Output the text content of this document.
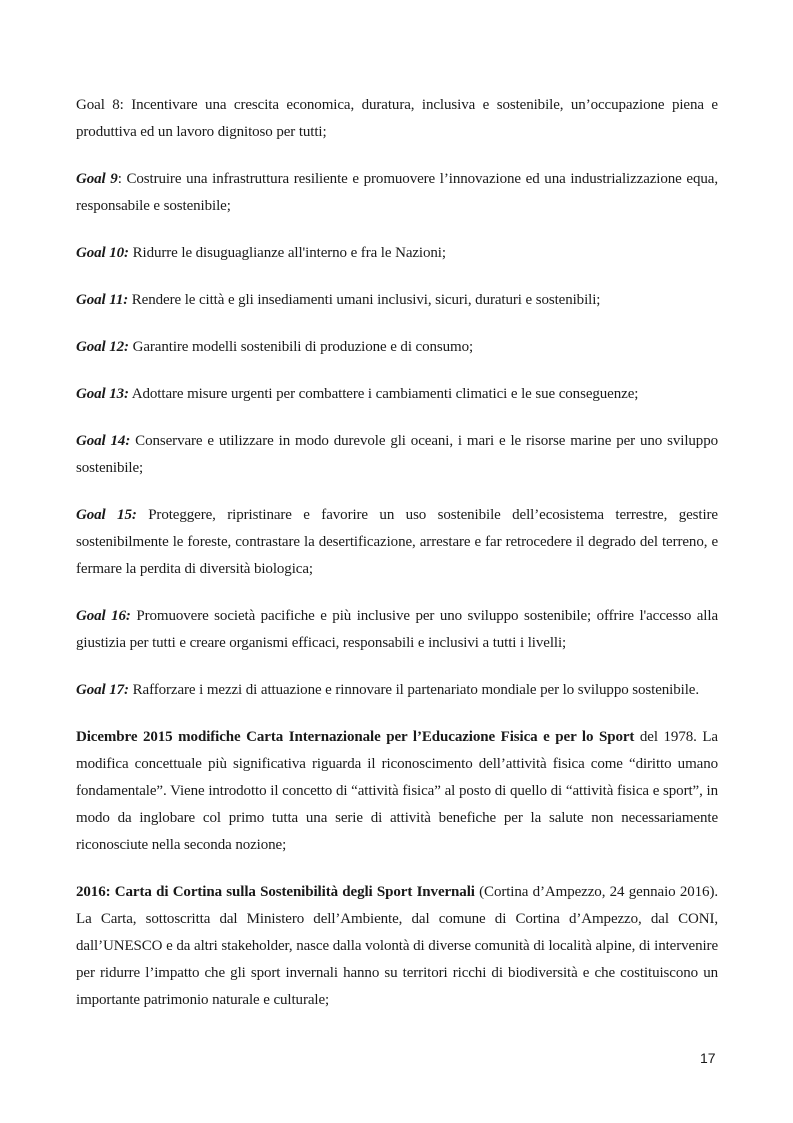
Goal 8: Incentivare una crescita economica, duratura, inclusiva e sostenibile, un’occupazione piena e produttiva ed un lavoro dignitoso per tutti;

Goal 9: Costruire una infrastruttura resiliente e promuovere l’innovazione ed una industrializzazione equa, responsabile e sostenibile;

Goal 10: Ridurre le disuguaglianze all'interno e fra le Nazioni;

Goal 11: Rendere le città e gli insediamenti umani inclusivi, sicuri, duraturi e sostenibili;

Goal 12: Garantire modelli sostenibili di produzione e di consumo;

Goal 13: Adottare misure urgenti per combattere i cambiamenti climatici e le sue conseguenze;

Goal 14: Conservare e utilizzare in modo durevole gli oceani, i mari e le risorse marine per uno sviluppo sostenibile;

Goal 15: Proteggere, ripristinare e favorire un uso sostenibile dell’ecosistema terrestre, gestire sostenibilmente le foreste, contrastare la desertificazione, arrestare e far retrocedere il degrado del terreno, e fermare la perdita di diversità biologica;

Goal 16: Promuovere società pacifiche e più inclusive per uno sviluppo sostenibile; offrire l'accesso alla giustizia per tutti e creare organismi efficaci, responsabili e inclusivi a tutti i livelli;

Goal 17: Rafforzare i mezzi di attuazione e rinnovare il partenariato mondiale per lo sviluppo sostenibile.

Dicembre 2015 modifiche Carta Internazionale per l’Educazione Fisica e per lo Sport del 1978. La modifica concettuale più significativa riguarda il riconoscimento dell’attività fisica come “diritto umano fondamentale”. Viene introdotto il concetto di “attività fisica” al posto di quello di “attività fisica e sport”, in modo da inglobare col primo tutta una serie di attività benefiche per la salute non necessariamente riconosciute nella seconda nozione;

2016: Carta di Cortina sulla Sostenibilità degli Sport Invernali (Cortina d’Ampezzo, 24 gennaio 2016). La Carta, sottoscritta dal Ministero dell’Ambiente, dal comune di Cortina d’Ampezzo, dal CONI, dall’UNESCO e da altri stakeholder, nasce dalla volontà di diverse comunità di località alpine, di intervenire per ridurre l’impatto che gli sport invernali hanno su territori ricchi di biodiversità e che costituiscono un importante patrimonio naturale e culturale;

17
